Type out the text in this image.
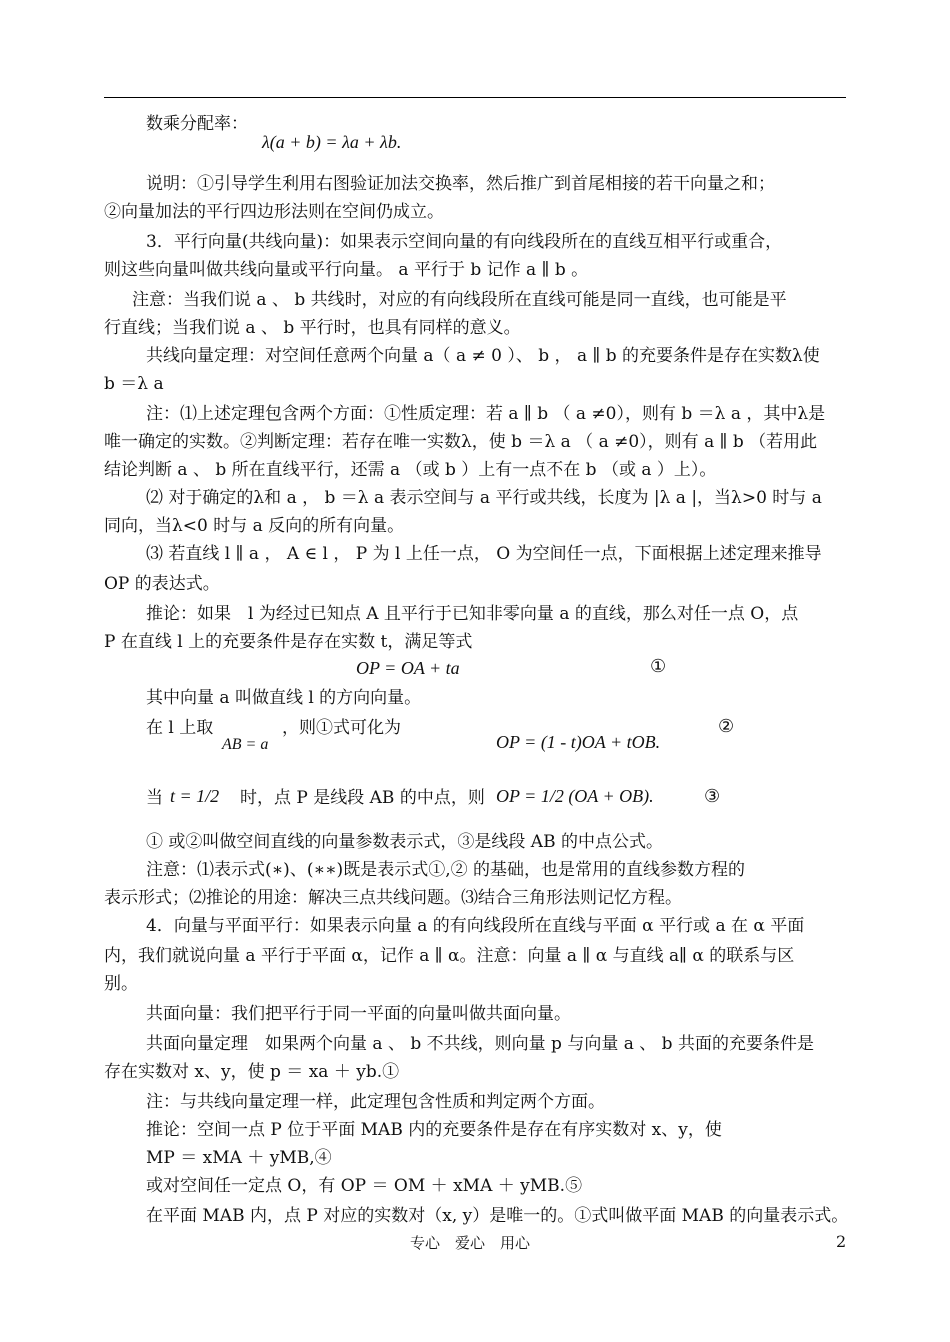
数乘分配率：
λ(a + b) = λa + λb.
说明：①引导学生利用右图验证加法交换率，然后推广到首尾相接的若干向量之和；
②向量加法的平行四边形法则在空间仍成立。
3．平行向量(共线向量)：如果表示空间向量的有向线段所在的直线互相平行或重合，
则这些向量叫做共线向量或平行向量。 a 平行于 b 记作 a ∥ b 。
注意：当我们说 a 、 b 共线时，对应的有向线段所在直线可能是同一直线，也可能是平
行直线；当我们说 a 、 b 平行时，也具有同样的意义。
共线向量定理：对空间任意两个向量 a（ a ≠ 0 ）、 b ， a ∥ b 的充要条件是存在实数λ使
b ＝λ a
注：⑴上述定理包含两个方面：①性质定理：若 a ∥ b （ a ≠0），则有 b ＝λ a ，其中λ是
唯一确定的实数。②判断定理：若存在唯一实数λ，使 b ＝λ a （ a ≠0），则有 a ∥ b （若用此
结论判断 a 、 b 所在直线平行，还需 a （或 b ）上有一点不在 b （或 a ）上）。
⑵ 对于确定的λ和 a ， b ＝λ a 表示空间与 a 平行或共线，长度为 |λ a |，当λ>0 时与 a
同向，当λ<0 时与 a 反向的所有向量。
⑶ 若直线 l ∥ a ， A ∈ l ， P 为 l 上任一点， O 为空间任一点，下面根据上述定理来推导
OP 的表达式。
推论：如果　l 为经过已知点 A 且平行于已知非零向量 a 的直线，那么对任一点 O，点
P 在直线 l 上的充要条件是存在实数 t，满足等式
OP = OA + ta	①
其中向量 a 叫做直线 l 的方向向量。
在 l 上取
AB = a
，则①式可化为
OP = (1 - t)OA + tOB.
②
当 t = 1/2 时，点 P 是线段 AB 的中点，则 OP = 1/2 (OA + OB).	③
① 或②叫做空间直线的向量参数表示式，③是线段 AB 的中点公式。
注意：⑴表示式(∗)、(∗∗)既是表示式①,② 的基础，也是常用的直线参数方程的
表示形式；⑵推论的用途：解决三点共线问题。⑶结合三角形法则记忆方程。
4．向量与平面平行：如果表示向量 a 的有向线段所在直线与平面 α 平行或 a 在 α 平面
内，我们就说向量 a 平行于平面 α，记作 a ∥ α。注意：向量 a ∥ α 与直线 a∥ α 的联系与区
别。
共面向量：我们把平行于同一平面的向量叫做共面向量。
共面向量定理　如果两个向量 a 、 b 不共线，则向量 p 与向量 a 、 b 共面的充要条件是
存在实数对 x、y，使 p ＝ xa ＋ yb.①
注：与共线向量定理一样，此定理包含性质和判定两个方面。
推论：空间一点 P 位于平面 MAB 内的充要条件是存在有序实数对 x、y，使
MP ＝ xMA ＋ yMB,④
或对空间任一定点 O，有 OP ＝ OM ＋ xMA ＋ yMB.⑤
在平面 MAB 内，点 P 对应的实数对（x, y）是唯一的。①式叫做平面 MAB 的向量表示式。
专心　爱心　用心	2
